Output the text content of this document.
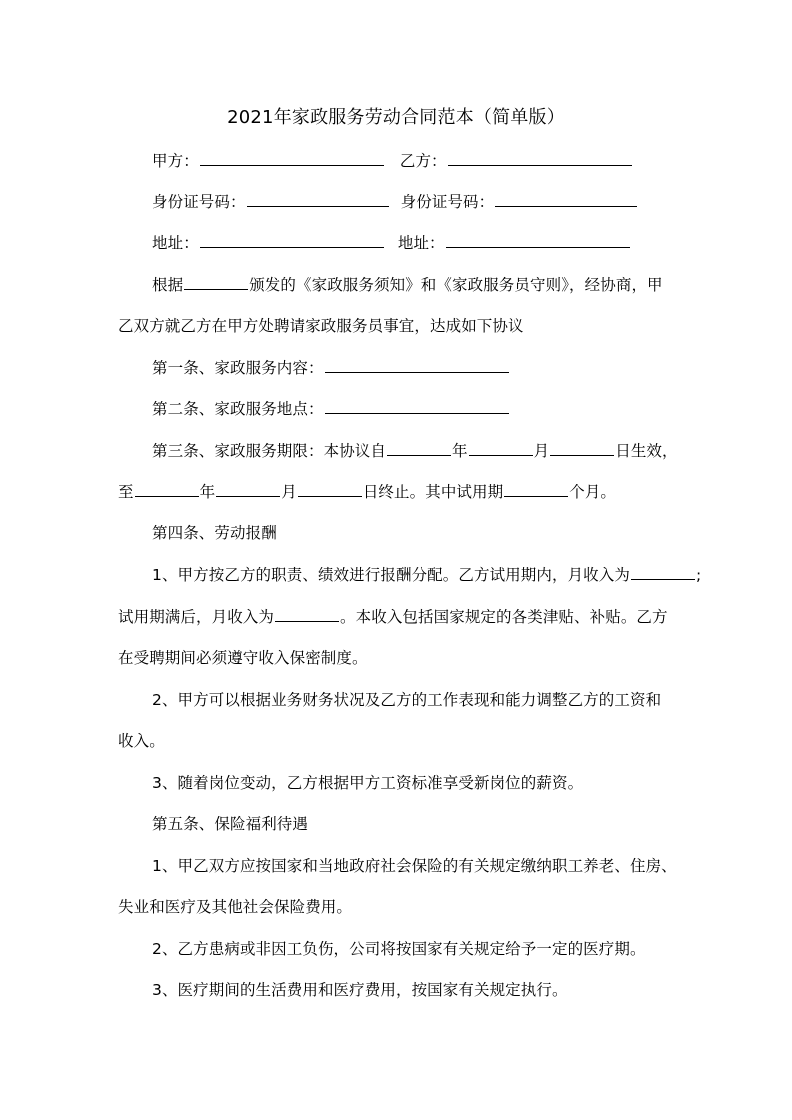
2021年家政服务劳动合同范本（简单版）
甲方：	乙方：
身份证号码：	身份证号码：
地址：	地址：
根据	颁发的《家政服务须知》和《家政服务员守则》，经协商，甲
乙双方就乙方在甲方处聘请家政服务员事宜，达成如下协议
第一条、家政服务内容：
第二条、家政服务地点：
第三条、家政服务期限：本协议自	年	月	日生效，
至	年	月	日终止。其中试用期	个月。
第四条、劳动报酬
1、甲方按乙方的职责、绩效进行报酬分配。乙方试用期内，月收入为	;
试用期满后，月收入为	。本收入包括国家规定的各类津贴、补贴。乙方
在受聘期间必须遵守收入保密制度。
2、甲方可以根据业务财务状况及乙方的工作表现和能力调整乙方的工资和
收入。
3、随着岗位变动，乙方根据甲方工资标准享受新岗位的薪资。
第五条、保险福利待遇
1、甲乙双方应按国家和当地政府社会保险的有关规定缴纳职工养老、住房、
失业和医疗及其他社会保险费用。
2、乙方患病或非因工负伤，公司将按国家有关规定给予一定的医疗期。
3、医疗期间的生活费用和医疗费用，按国家有关规定执行。
